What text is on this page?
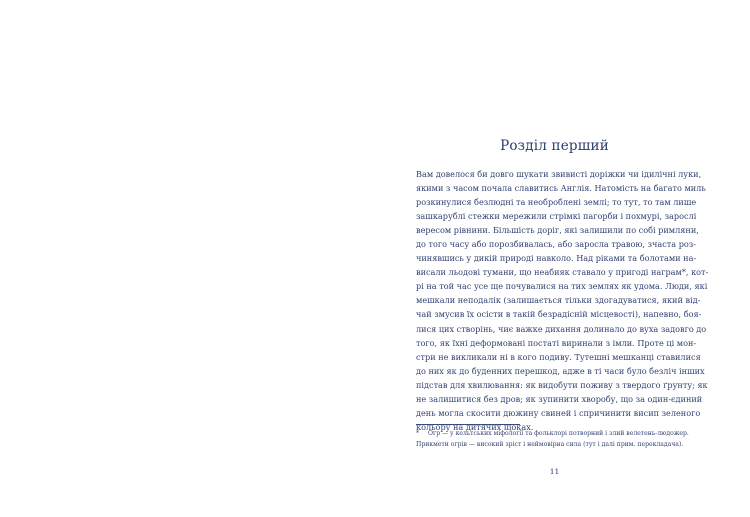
Розділ перший
Вам довелося би довго шукати звивисті доріжки чи ідилічні луки,
якими з часом почала славитись Англія. Натомість на багато миль
розкинулися безлюдні та необроблені землі; то тут, то там лише
зашкарублі стежки мережили стрімкі пагорби і похмурі, зарослі
вересом рівнини. Більшість доріг, які залишили по собі римляни,
до того часу або порозбивалась, або заросла травою, зчаста роз-
чинявшись у дикій природі навколо. Над ріками та болотами на-
висали льодові тумани, що неабияк ставало у пригоді награм*, кот-
рі на той час усе ще почувалися на тих землях як удома. Люди, які
мешкали неподалік (залишається тільки здогадуватися, який від-
чай змусив їх осісти в такій безрадісній місцевості), напевно, боя-
лися цих створінь, чиє важке дихання долинало до вуха задовго до
того, як їхні деформовані постаті виринали з імли. Проте ці мон-
стри не викликали ні в кого подиву. Тутешні мешканці ставилися
до них як до буденних перешкод, адже в ті часи було безліч інших
підстав для хвилювання: як видобути поживу з твердого ґрунту; як
не залишитися без дров; як зупинити хворобу, що за один-єдиний
день могла скосити дюжину свиней і спричинити висип зеленого
кольору на дитячих щоках.
* Огр — у кельтських міфології та фольклорі потворний і злий велетень-людожер.
Прикмети огрів — високий зріст і неймовірна сила (тут і далі прим. перекладача).
11
